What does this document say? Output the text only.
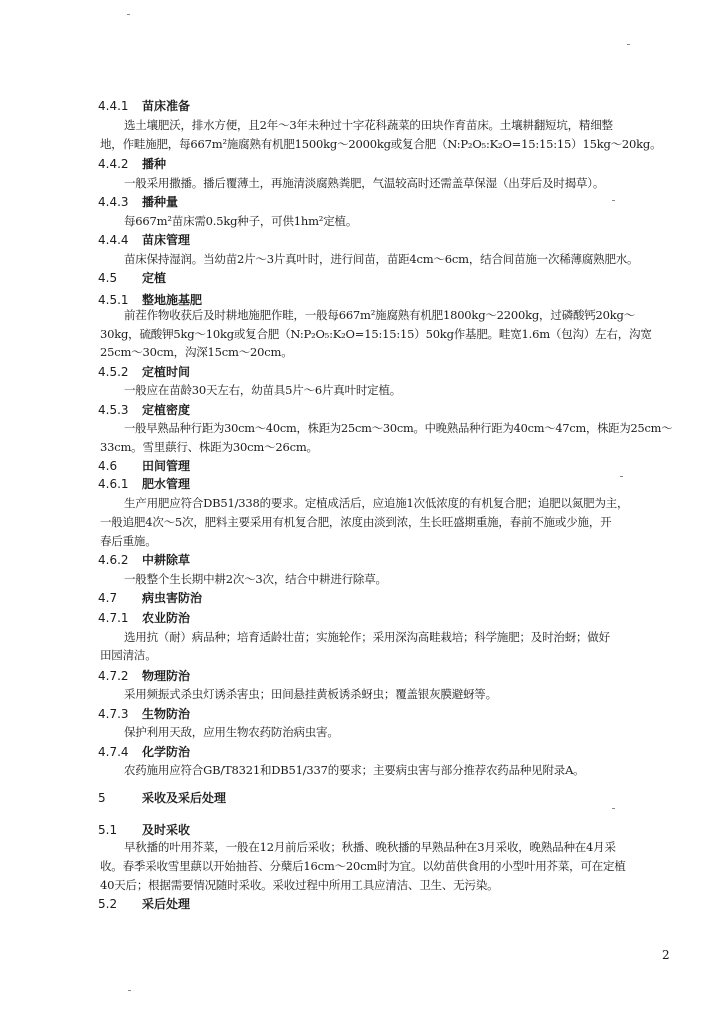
4.4.1 苗床准备
选土壤肥沃，排水方便，且2年～3年未种过十字花科蔬菜的田块作育苗床。土壤耕翻短坑，精细整
地，作畦施肥，每667m²施腐熟有机肥1500kg～2000kg或复合肥（N:P₂O₅:K₂O=15:15:15）15kg～20kg。
4.4.2 播种
一般采用撒播。播后覆薄土，再施清淡腐熟粪肥，气温较高时还需盖草保湿（出芽后及时揭草）。
4.4.3 播种量
每667m²苗床需0.5kg种子，可供1hm²定植。
4.4.4 苗床管理
苗床保持湿润。当幼苗2片～3片真叶时，进行间苗，苗距4cm～6cm，结合间苗施一次稀薄腐熟肥水。
4.5 定植
4.5.1 整地施基肥
前茬作物收获后及时耕地施肥作畦，一般每667m²施腐熟有机肥1800kg～2200kg，过磷酸钙20kg～
30kg，硫酸钾5kg～10kg或复合肥（N:P₂O₅:K₂O=15:15:15）50kg作基肥。畦宽1.6m（包沟）左右，沟宽
25cm～30cm，沟深15cm～20cm。
4.5.2 定植时间
一般应在苗龄30天左右，幼苗具5片～6片真叶时定植。
4.5.3 定植密度
一般早熟品种行距为30cm～40cm，株距为25cm～30cm。中晚熟品种行距为40cm～47cm，株距为25cm～
33cm。雪里蕻行、株距为30cm～26cm。
4.6 田间管理
4.6.1 肥水管理
生产用肥应符合DB51/338的要求。定植成活后，应追施1次低浓度的有机复合肥；追肥以氮肥为主，
一般追肥4次～5次，肥料主要采用有机复合肥，浓度由淡到浓，生长旺盛期重施，春前不施或少施，开
春后重施。
4.6.2 中耕除草
一般整个生长期中耕2次～3次，结合中耕进行除草。
4.7 病虫害防治
4.7.1 农业防治
选用抗（耐）病品种；培育适龄壮苗；实施轮作；采用深沟高畦栽培；科学施肥；及时治蚜；做好
田园清洁。
4.7.2 物理防治
采用频振式杀虫灯诱杀害虫；田间悬挂黄板诱杀蚜虫；覆盖银灰膜避蚜等。
4.7.3 生物防治
保护利用天敌，应用生物农药防治病虫害。
4.7.4 化学防治
农药施用应符合GB/T8321和DB51/337的要求；主要病虫害与部分推荐农药品种见附录A。
5	采收及采后处理
5.1 及时采收
早秋播的叶用芥菜，一般在12月前后采收；秋播、晚秋播的早熟品种在3月采收，晚熟品种在4月采
收。春季采收雪里蕻以开始抽苔、分蘖后16cm～20cm时为宜。以幼苗供食用的小型叶用芥菜，可在定植
40天后；根据需要情况随时采收。采收过程中所用工具应清洁、卫生、无污染。
5.2 采后处理
2
